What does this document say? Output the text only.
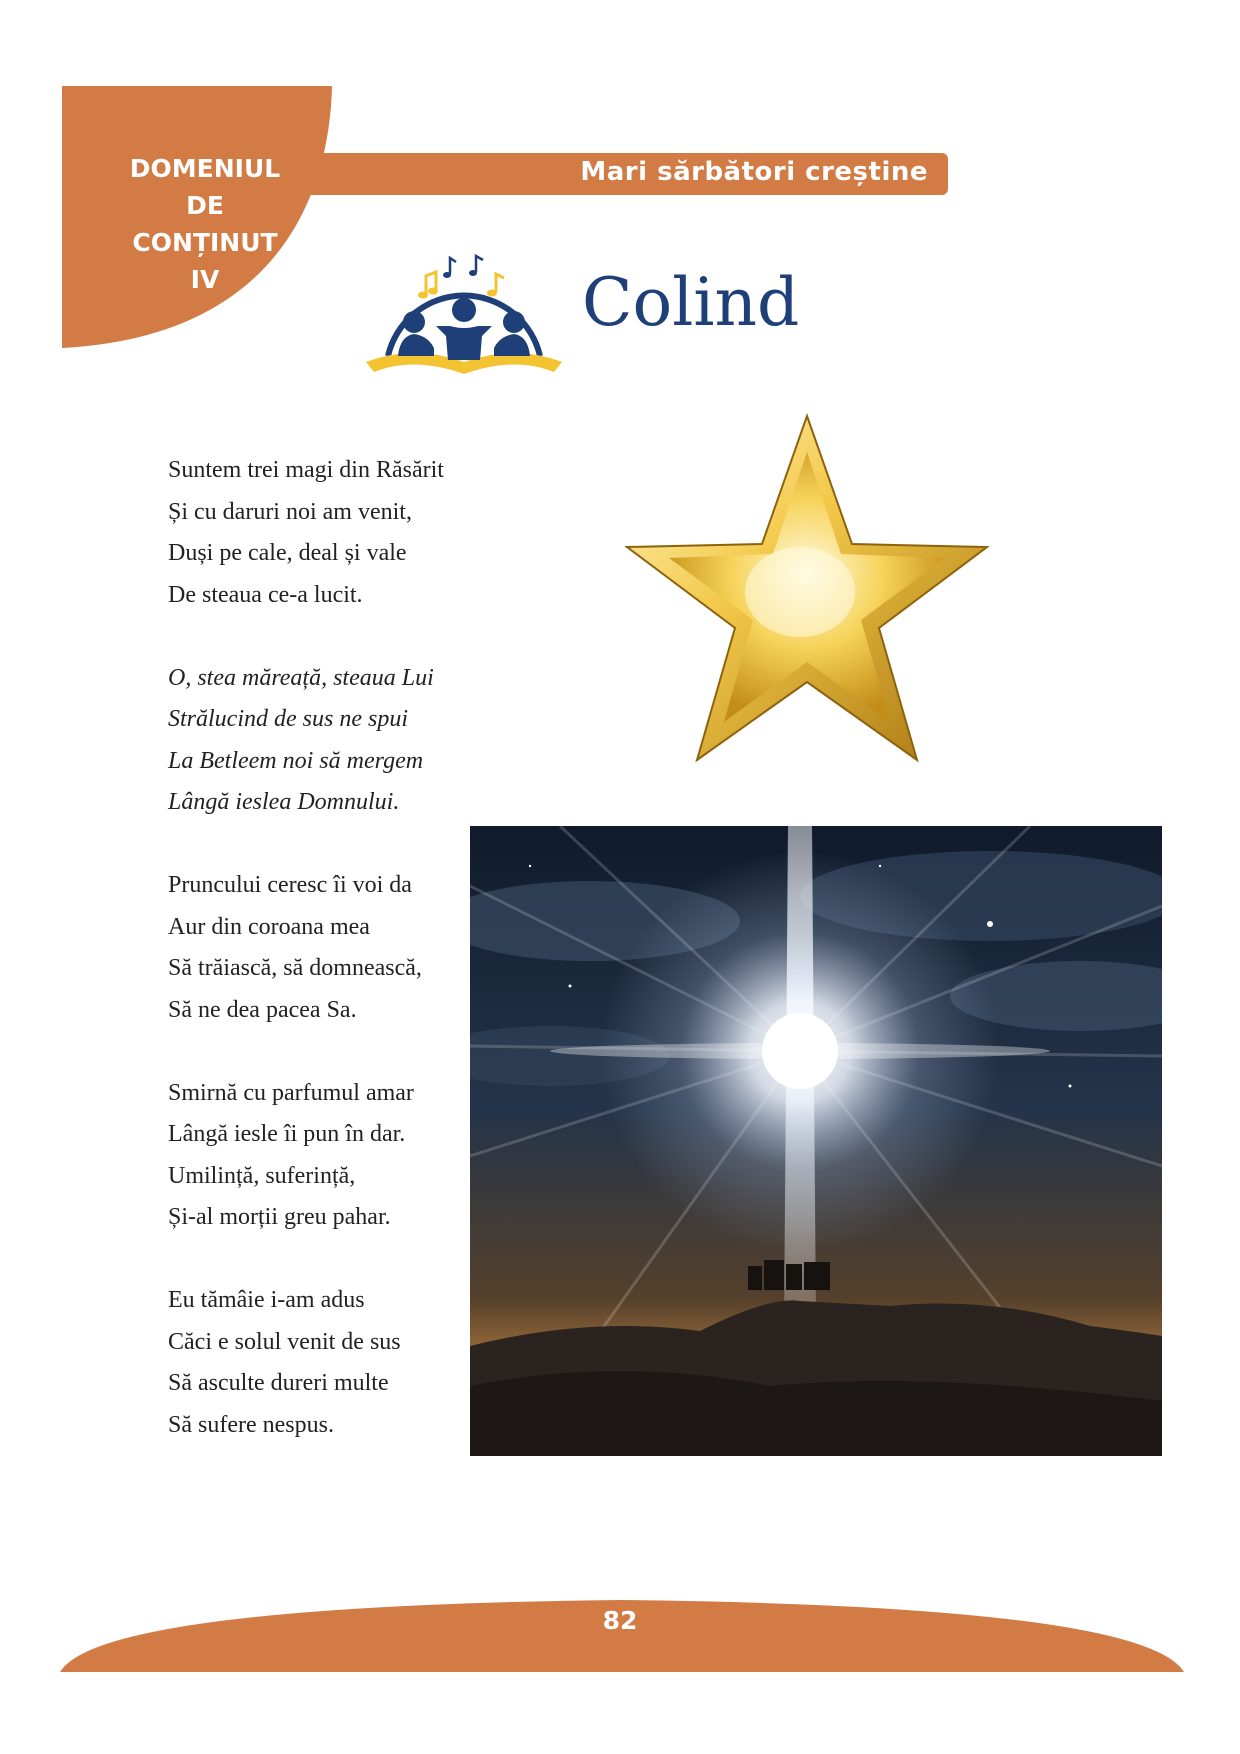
DOMENIUL
DE
CONȚINUT
IV
Mari sărbători creștine
Colind
Suntem trei magi din Răsărit
Și cu daruri noi am venit,
Duși pe cale, deal și vale
De steaua ce-a lucit.
O, stea măreață, steaua Lui
Strălucind de sus ne spui
La Betleem noi să mergem
Lângă ieslea Domnului.
Pruncului ceresc îi voi da
Aur din coroana mea
Să trăiască, să domnească,
Să ne dea pacea Sa.
Smirnă cu parfumul amar
Lângă iesle îi pun în dar.
Umilință, suferință,
Și-al morții greu pahar.
Eu tămâie i-am adus
Căci e solul venit de sus
Să asculte dureri multe
Să sufere nespus.
82
